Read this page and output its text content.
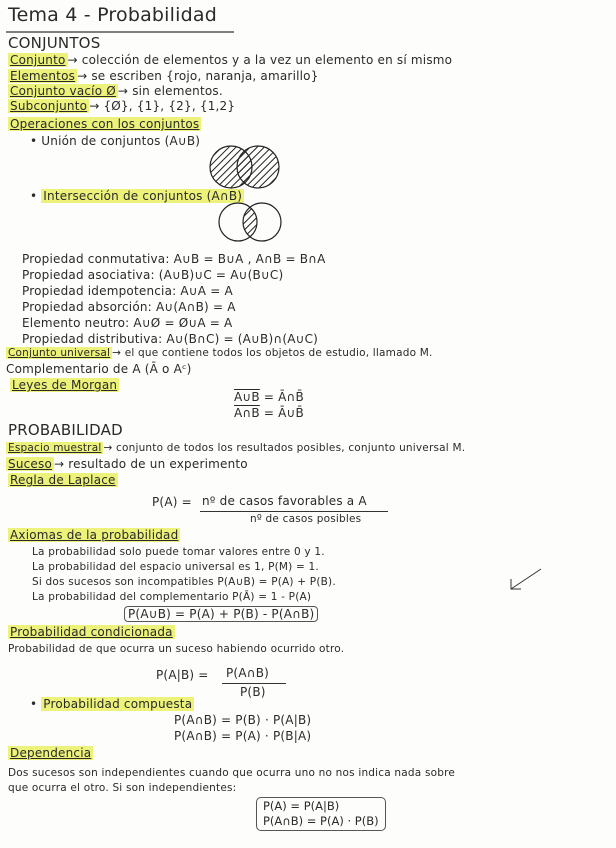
Tema 4 - Probabilidad
CONJUNTOS
Conjunto → colección de elementos y a la vez un elemento en sí mismo
Elementos → se escriben {rojo, naranja, amarillo}
Conjunto vacío Ø → sin elementos.
Subconjunto → {Ø}, {1}, {2}, {1,2}
Operaciones con los conjuntos
• Unión de conjuntos (A∪B)
• Intersección de conjuntos (A∩B)
Propiedad conmutativa: A∪B = B∪A , A∩B = B∩A
Propiedad asociativa: (A∪B)∪C = A∪(B∪C)
Propiedad idempotencia: A∪A = A
Propiedad absorción: A∪(A∩B) = A
Elemento neutro: A∪Ø = Ø∪A = A
Propiedad distributiva: A∪(B∩C) = (A∪B)∩(A∪C)
Conjunto universal → el que contiene todos los objetos de estudio, llamado M.
Complementario de A (Ā o Aᶜ)
Leyes de Morgan
A∪B = Ā∩B̄
A∩B = Ā∪B̄
PROBABILIDAD
Espacio muestral → conjunto de todos los resultados posibles, conjunto universal M.
Suceso → resultado de un experimento
Regla de Laplace
P(A) = nº de casos favorables a A
nº de casos posibles
Axiomas de la probabilidad
La probabilidad solo puede tomar valores entre 0 y 1.
La probabilidad del espacio universal es 1, P(M) = 1.
Si dos sucesos son incompatibles P(A∪B) = P(A) + P(B).
La probabilidad del complementario P(Ā) = 1 - P(A)
P(A∪B) = P(A) + P(B) - P(A∩B)
Probabilidad condicionada
Probabilidad de que ocurra un suceso habiendo ocurrido otro.
P(A|B) = P(A∩B)
P(B)
• Probabilidad compuesta
P(A∩B) = P(B) · P(A|B)
P(A∩B) = P(A) · P(B|A)
Dependencia
Dos sucesos son independientes cuando que ocurra uno no nos indica nada sobre
que ocurra el otro. Si son independientes:
P(A) = P(A|B)
P(A∩B) = P(A) · P(B)
